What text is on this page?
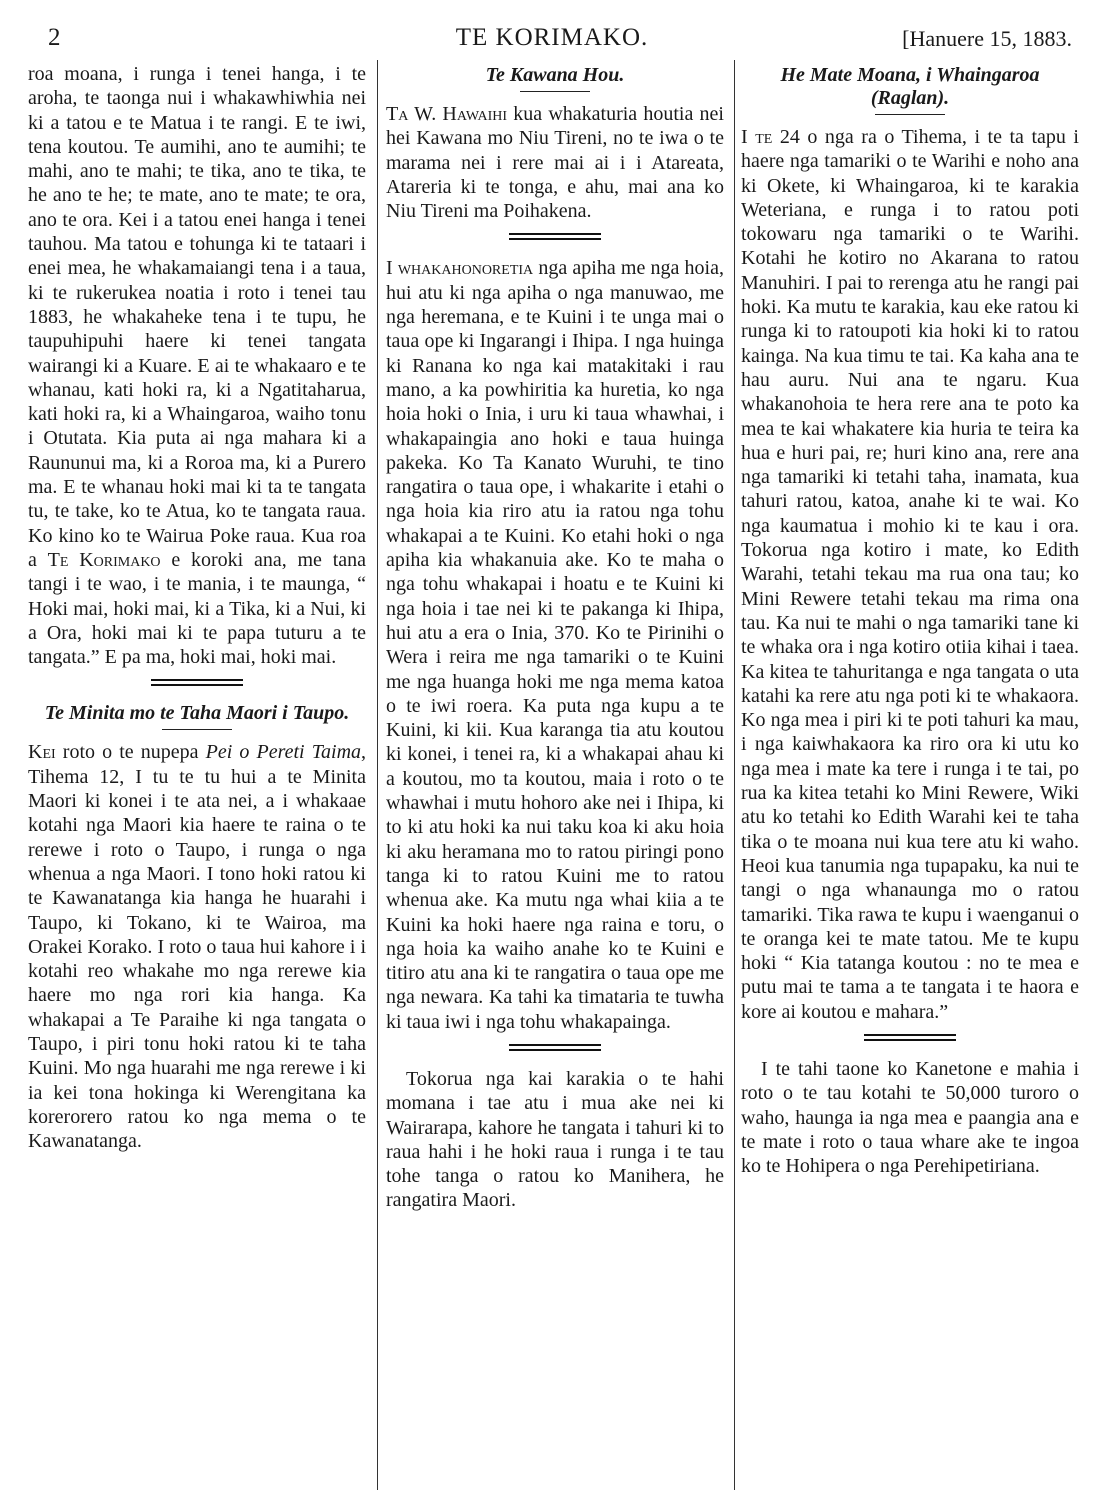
2	TE KORIMAKO.	[Hanuere 15, 1883.

roa moana, i runga i tenei hanga, i te aroha, te taonga nui i whakawhiwhia nei ki a tatou e te Matua i te rangi. E te iwi, tena koutou. Te aumihi, ano te aumihi; te mahi, ano te mahi; te tika, ano te tika, te he ano te he; te mate, ano te mate; te ora, ano te ora. Kei i a tatou enei hanga i tenei tauhou. Ma tatou e tohunga ki te tataari i enei mea, he whakamaiangi tena i a taua, ki te rukerukea noatia i roto i tenei tau 1883, he whakaheke tena i te tupu, he taupuhipuhi haere ki tenei tangata wairangi ki a Kuare. E ai te whakaaro e te whanau, kati hoki ra, ki a Ngatitaharua, kati hoki ra, ki a Whaingaroa, waiho tonu i Otutata. Kia puta ai nga mahara ki a Raununui ma, ki a Roroa ma, ki a Purero ma. E te whanau hoki mai ki ta te tangata tu, te take, ko te Atua, ko te tangata raua. Ko kino ko te Wairua Poke raua. Kua roa a Te Korimako e koroki ana, me tana tangi i te wao, i te mania, i te maunga, “ Hoki mai, hoki mai, ki a Tika, ki a Nui, ki a Ora, hoki mai ki te papa tuturu a te tangata.” E pa ma, hoki mai, hoki mai.

Te Minita mo te Taha Maori i Taupo.

Kei roto o te nupepa Pei o Pereti Taima, Tihema 12, I tu te tu hui a te Minita Maori ki konei i te ata nei, a i whakaae kotahi nga Maori kia haere te raina o te rerewe i roto o Taupo, i runga o nga whenua a nga Maori. I tono hoki ratou ki te Kawanatanga kia hanga he huarahi i Taupo, ki Tokano, ki te Wairoa, ma Orakei Korako. I roto o taua hui kahore i i kotahi reo whakahe mo nga rerewe kia haere mo nga rori kia hanga. Ka whakapai a Te Paraihe ki nga tangata o Taupo, i piri tonu hoki ratou ki te taha Kuini. Mo nga huarahi me nga rerewe i ki ia kei tona hokinga ki Werengitana ka korerorero ratou ko nga mema o te Kawanatanga.

Te Kawana Hou.

Ta W. Hawaihi kua whakaturia houtia nei hei Kawana mo Niu Tireni, no te iwa o te marama nei i rere mai ai i i Atareata, Atareria ki te tonga, e ahu, mai ana ko Niu Tireni ma Poihakena.

I whakahonoretia nga apiha me nga hoia, hui atu ki nga apiha o nga manuwao, me nga heremana, e te Kuini i te unga mai o taua ope ki Ingarangi i Ihipa. I nga huinga ki Ranana ko nga kai matakitaki i rau mano, a ka powhiritia ka huretia, ko nga hoia hoki o Inia, i uru ki taua whawhai, i whakapaingia ano hoki e taua huinga pakeka. Ko Ta Kanato Wuruhi, te tino rangatira o taua ope, i whakarite i etahi o nga hoia kia riro atu ia ratou nga tohu whakapai a te Kuini. Ko etahi hoki o nga apiha kia whakanuia ake. Ko te maha o nga tohu whakapai i hoatu e te Kuini ki nga hoia i tae nei ki te pakanga ki Ihipa, hui atu a era o Inia, 370. Ko te Pirinihi o Wera i reira me nga tamariki o te Kuini me nga huanga hoki me nga mema katoa o te iwi roera. Ka puta nga kupu a te Kuini, ki kii. Kua karanga tia atu koutou ki konei, i tenei ra, ki a whakapai ahau ki a koutou, mo ta koutou, maia i roto o te whawhai i mutu hohoro ake nei i Ihipa, ki to ki atu hoki ka nui taku koa ki aku hoia ki aku heramana mo to ratou piringi pono tanga ki to ratou Kuini me to ratou whenua ake. Ka mutu nga whai kiia a te Kuini ka hoki haere nga raina e toru, o nga hoia ka waiho anahe ko te Kuini e titiro atu ana ki te rangatira o taua ope me nga newara. Ka tahi ka timataria te tuwha ki taua iwi i nga tohu whakapainga.

Tokorua nga kai karakia o te hahi momana i tae atu i mua ake nei ki Wairarapa, kahore he tangata i tahuri ki to raua hahi i he hoki raua i runga i te tau tohe tanga o ratou ko Manihera, he rangatira Maori.

He Mate Moana, i Whaingaroa (Raglan).

I te 24 o nga ra o Tihema, i te ta tapu i haere nga tamariki o te Warihi e noho ana ki Okete, ki Whaingaroa, ki te karakia Weteriana, e runga i to ratou poti tokowaru nga tamariki o te Warihi. Kotahi he kotiro no Akarana to ratou Manuhiri. I pai to rerenga atu he rangi pai hoki. Ka mutu te karakia, kau eke ratou ki runga ki to ratoupoti kia hoki ki to ratou kainga. Na kua timu te tai. Ka kaha ana te hau auru. Nui ana te ngaru. Kua whakanohoia te hera rere ana te poto ka mea te kai whakatere kia huria te teira ka hua e huri pai, re; huri kino ana, rere ana nga tamariki ki tetahi taha, inamata, kua tahuri ratou, katoa, anahe ki te wai. Ko nga kaumatua i mohio ki te kau i ora. Tokorua nga kotiro i mate, ko Edith Warahi, tetahi tekau ma rua ona tau; ko Mini Rewere tetahi tekau ma rima ona tau. Ka nui te mahi o nga tamariki tane ki te whaka ora i nga kotiro otiia kihai i taea. Ka kitea te tahuritanga e nga tangata o uta katahi ka rere atu nga poti ki te whakaora. Ko nga mea i piri ki te poti tahuri ka mau, i nga kaiwhakaora ka riro ora ki utu ko nga mea i mate ka tere i runga i te tai, po rua ka kitea tetahi ko Mini Rewere, Wiki atu ko tetahi ko Edith Warahi kei te taha tika o te moana nui kua tere atu ki waho. Heoi kua tanumia nga tupapaku, ka nui te tangi o nga whanaunga mo o ratou tamariki. Tika rawa te kupu i waenganui o te oranga kei te mate tatou. Me te kupu hoki “ Kia tatanga koutou : no te mea e putu mai te tama a te tangata i te haora e kore ai koutou e mahara.”

I te tahi taone ko Kanetone e mahia i roto o te tau kotahi te 50,000 turoro o waho, haunga ia nga mea e paangia ana e te mate i roto o taua whare ake te ingoa ko te Hohipera o nga Perehipetiriana.
